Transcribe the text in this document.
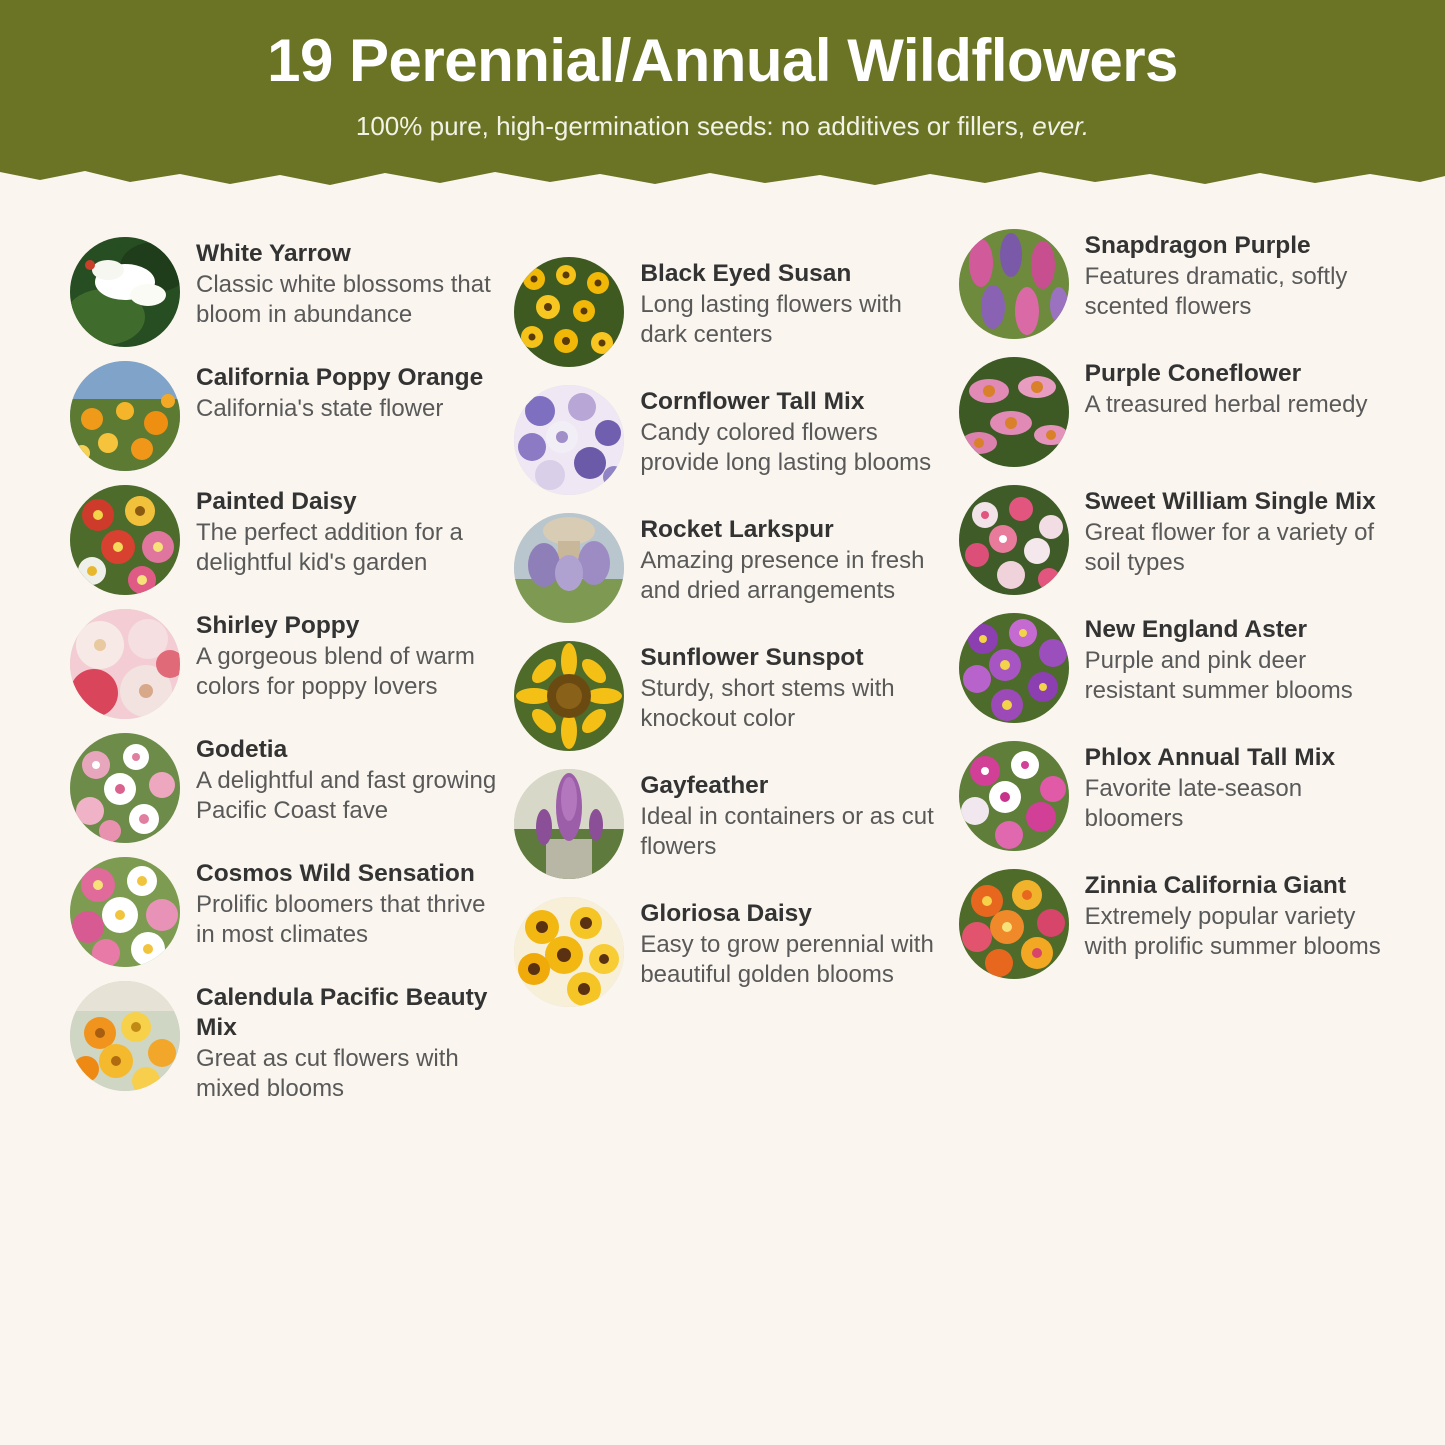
19 Perennial/Annual Wildflowers
100% pure, high-germination seeds: no additives or fillers, ever.
White Yarrow
Classic white blossoms that bloom in abundance
California Poppy Orange
California's state flower
Painted Daisy
The perfect addition for a delightful kid's garden
Shirley Poppy
A gorgeous blend of warm colors for poppy lovers
Godetia
A delightful and fast growing Pacific Coast fave
Cosmos Wild Sensation
Prolific bloomers that thrive in most climates
Calendula Pacific Beauty Mix
Great as cut flowers with mixed blooms
Black Eyed Susan
Long lasting flowers with dark centers
Cornflower Tall Mix
Candy colored flowers provide long lasting blooms
Rocket Larkspur
Amazing presence in fresh and dried arrangements
Sunflower Sunspot
Sturdy, short stems with knockout color
Gayfeather
Ideal in containers or as cut flowers
Gloriosa Daisy
Easy to grow perennial with beautiful golden blooms
Snapdragon Purple
Features dramatic, softly scented flowers
Purple Coneflower
A treasured herbal remedy
Sweet William Single Mix
Great flower for a variety of soil types
New England Aster
Purple and pink deer resistant summer blooms
Phlox Annual Tall Mix
Favorite late-season bloomers
Zinnia California Giant
Extremely popular variety with prolific summer blooms
